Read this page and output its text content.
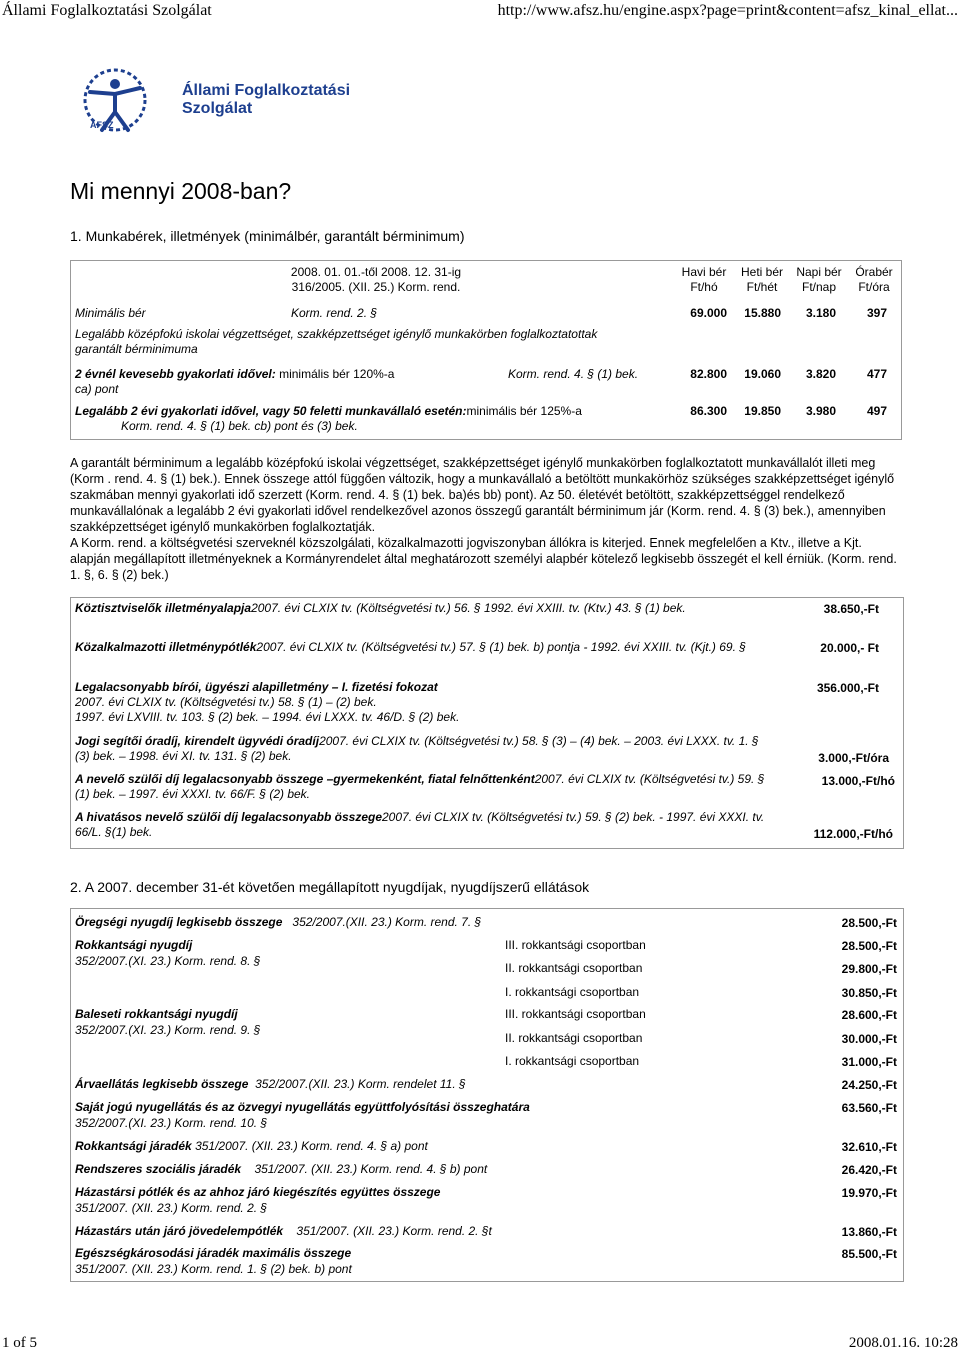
Állami Foglalkoztatási Szolgálat	http://www.afsz.hu/engine.aspx?page=print&content=afsz_kinal_ellat...
Állami Foglalkoztatási Szolgálat
ÁFSZ
Mi mennyi 2008-ban?
1. Munkabérek, illetmények (minimálbér, garantált bérminimum)
2008. 01. 01.-től 2008. 12. 31-ig
316/2005. (XII. 25.) Korm. rend.
Havi bér
Ft/hó
Heti bér
Ft/hét
Napi bér
Ft/nap
Órabér
Ft/óra
Minimális bér	Korm. rend. 2. §	69.000	15.880	3.180	397
Legalább középfokú iskolai végzettséget, szakképzettséget igénylő munkakörben foglalkoztatottak
garantált bérminimuma
2 évnél kevesebb gyakorlati idővel: minimális bér 120%-a
ca) pont
Korm. rend. 4. § (1) bek.	82.800	19.060	3.820	477
Legalább 2 évi gyakorlati idővel, vagy 50 feletti munkavállaló esetén:minimális bér 125%-a
Korm. rend. 4. § (1) bek. cb) pont és (3) bek.
86.300	19.850	3.980	497

A garantált bérminimum a legalább középfokú iskolai végzettséget, szakképzettséget igénylő munkakörben foglalkoztatott munkavállalót illeti meg (Korm . rend. 4. § (1) bek.). Ennek összege attól függően változik, hogy a munkavállaló a betöltött munkakörhöz szükséges szakképzettséget igénylő szakmában mennyi gyakorlati idő szerzett (Korm. rend. 4. § (1) bek. ba)és bb) pont). Az 50. életévét betöltött, szakképzettséggel rendelkező munkavállalónak a legalább 2 évi gyakorlati idővel rendelkezővel azonos összegű garantált bérminimum jár (Korm. rend. 4. § (3) bek.), amennyiben szakképzettséget igénylő munkakörben foglalkoztatják.

A Korm. rend. a költségvetési szerveknél közszolgálati, közalkalmazotti jogviszonyban állókra is kiterjed. Ennek megfelelően a Ktv., illetve a Kjt. alapján megállapított illetményeknek a Kormányrendelet által meghatározott személyi alapbér kötelező legkisebb összegét el kell érniük. (Korm. rend. 1. §, 6. § (2) bek.)

Köztisztviselők illetményalapja2007. évi CLXIX tv. (Költségvetési tv.) 56. § 1992. évi XXIII. tv. (Ktv.) 43. § (1) bek.	38.650,-Ft
Közalkalmazotti illetménypótlék2007. évi CLXIX tv. (Költségvetési tv.) 57. § (1) bek. b) pontja - 1992. évi XXIII. tv. (Kjt.) 69. §	20.000,- Ft
Legalacsonyabb bírói, ügyészi alapilletmény – I. fizetési fokozat
2007. évi CLXIX tv. (Költségvetési tv.) 58. § (1) – (2) bek.
1997. évi LXVIII. tv. 103. § (2) bek. – 1994. évi LXXX. tv. 46/D. § (2) bek.
356.000,-Ft
Jogi segítői óradíj, kirendelt ügyvédi óradíj2007. évi CLXIX tv. (Költségvetési tv.) 58. § (3) – (4) bek. – 2003. évi LXXX. tv. 1. § (3) bek. – 1998. évi XI. tv. 131. § (2) bek.	3.000,-Ft/óra
A nevelő szülői díj legalacsonyabb összege –gyermekenként, fiatal felnőttenként2007. évi CLXIX tv. (Költségvetési tv.) 59. § (1) bek. – 1997. évi XXXI. tv. 66/F. § (2) bek.
13.000,-Ft/hó
A hivatásos nevelő szülői díj legalacsonyabb összege2007. évi CLXIX tv. (Költségvetési tv.) 59. § (2) bek. - 1997. évi XXXI. tv. 66/L. §(1) bek.	112.000,-Ft/hó
2. A 2007. december 31-ét követően megállapított nyugdíjak, nyugdíjszerű ellátások
Öregségi nyugdíj legkisebb összege 352/2007.(XII. 23.) Korm. rend. 7. §	28.500,-Ft
Rokkantsági nyugdíj
352/2007.(XI. 23.) Korm. rend. 8. §
III. rokkantsági csoportban	28.500,-Ft
II. rokkantsági csoportban	29.800,-Ft
I. rokkantsági csoportban	30.850,-Ft
Baleseti rokkantsági nyugdíj
352/2007.(XI. 23.) Korm. rend. 9. §
III. rokkantsági csoportban	28.600,-Ft
II. rokkantsági csoportban	30.000,-Ft
I. rokkantsági csoportban	31.000,-Ft
Árvaellátás legkisebb összege 352/2007.(XII. 23.) Korm. rendelet 11. §	24.250,-Ft
Saját jogú nyugellátás és az özvegyi nyugellátás együttfolyósítási összeghatára
352/2007.(XI. 23.) Korm. rend. 10. §
63.560,-Ft
Rokkantsági járadék 351/2007. (XII. 23.) Korm. rend. 4. § a) pont	32.610,-Ft
Rendszeres szociális járadék 351/2007. (XII. 23.) Korm. rend. 4. § b) pont	26.420,-Ft
Házastársi pótlék és az ahhoz járó kiegészítés együttes összege
351/2007. (XII. 23.) Korm. rend. 2. §
19.970,-Ft
Házastárs után járó jövedelempótlék 351/2007. (XII. 23.) Korm. rend. 2. §t	13.860,-Ft
Egészségkárosodási járadék maximális összege
351/2007. (XII. 23.) Korm. rend. 1. § (2) bek. b) pont
85.500,-Ft
1 of 5	2008.01.16. 10:28
